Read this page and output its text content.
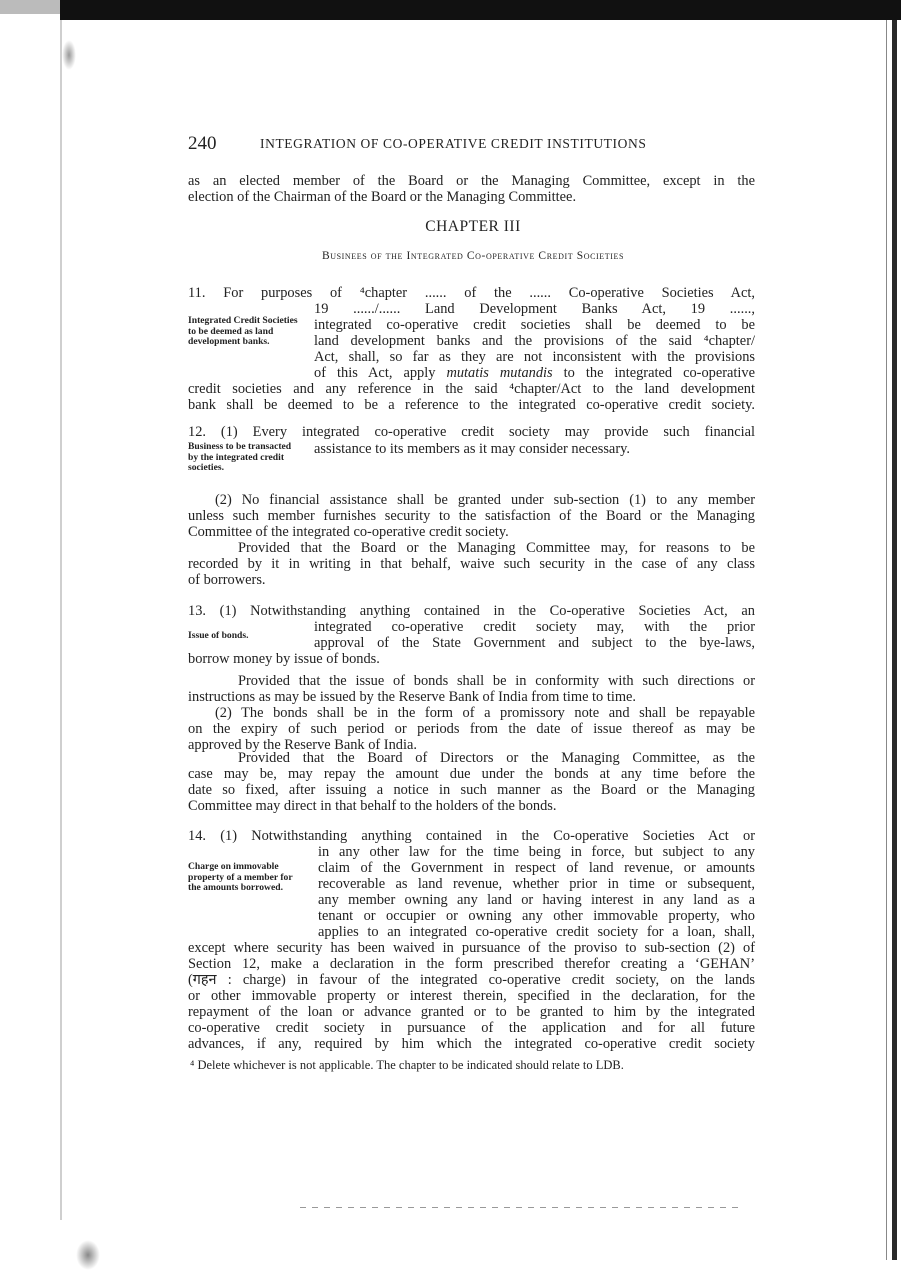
240	INTEGRATION OF CO-OPERATIVE CREDIT INSTITUTIONS
as an elected member of the Board or the Managing Committee, except in the
election of the Chairman of the Board or the Managing Committee.
CHAPTER III
Businees of the Integrated Co-operative Credit Societies
Integrated Credit Societies to be deemed as land development banks.
11. For purposes of ⁴chapter ...... of the ...... Co-operative Societies Act,
19 ....../...... Land Development Banks Act, 19 ......,
integrated co-operative credit societies shall be deemed to be
land development banks and the provisions of the said ⁴chapter/
Act, shall, so far as they are not inconsistent with the provisions
of this Act, apply mutatis mutandis to the integrated co-operative
credit societies and any reference in the said ⁴chapter/Act to the land development
bank shall be deemed to be a reference to the integrated co-operative credit society.
Business to be transacted by the integrated credit societies.
12. (1) Every integrated co-operative credit society may provide such financial
assistance to its members as it may consider necessary.
(2) No financial assistance shall be granted under sub-section (1) to any member
unless such member furnishes security to the satisfaction of the Board or the Managing
Committee of the integrated co-operative credit society.
Provided that the Board or the Managing Committee may, for reasons to be
recorded by it in writing in that behalf, waive such security in the case of any class
of borrowers.
Issue of bonds.
13. (1) Notwithstanding anything contained in the Co-operative Societies Act, an
integrated co-operative credit society may, with the prior
approval of the State Government and subject to the bye-laws,
borrow money by issue of bonds.
Provided that the issue of bonds shall be in conformity with such directions or
instructions as may be issued by the Reserve Bank of India from time to time.
(2) The bonds shall be in the form of a promissory note and shall be repayable
on the expiry of such period or periods from the date of issue thereof as may be
approved by the Reserve Bank of India.
Provided that the Board of Directors or the Managing Committee, as the
case may be, may repay the amount due under the bonds at any time before the
date so fixed, after issuing a notice in such manner as the Board or the Managing
Committee may direct in that behalf to the holders of the bonds.
Charge on immovable property of a member for the amounts borrowed.
14. (1) Notwithstanding anything contained in the Co-operative Societies Act or
in any other law for the time being in force, but subject to any
claim of the Government in respect of land revenue, or amounts
recoverable as land revenue, whether prior in time or subsequent,
any member owning any land or having interest in any land as a
tenant or occupier or owning any other immovable property, who
applies to an integrated co-operative credit society for a loan, shall,
except where security has been waived in pursuance of the proviso to sub-section (2) of
Section 12, make a declaration in the form prescribed therefor creating a ‘GEHAN’
(गहन : charge) in favour of the integrated co-operative credit society, on the lands
or other immovable property or interest therein, specified in the declaration, for the
repayment of the loan or advance granted or to be granted to him by the integrated
co-operative credit society in pursuance of the application and for all future
advances, if any, required by him which the integrated co-operative credit society
⁴ Delete whichever is not applicable. The chapter to be indicated should relate to LDB.
